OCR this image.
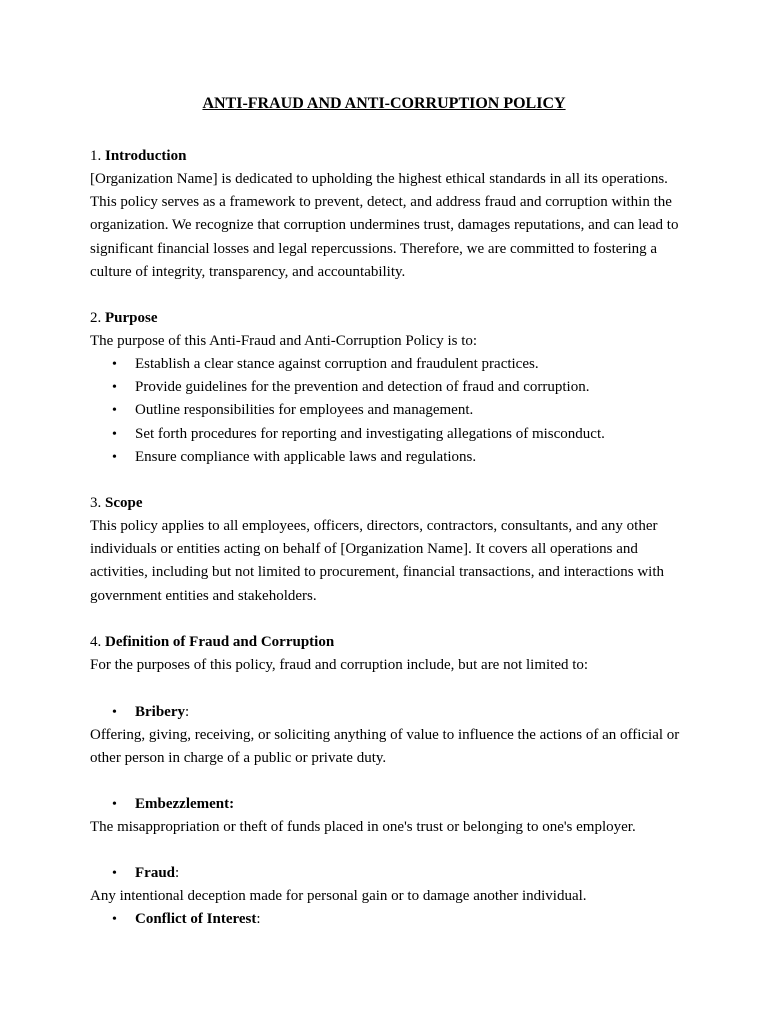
ANTI-FRAUD AND ANTI-CORRUPTION POLICY
1. Introduction
[Organization Name] is dedicated to upholding the highest ethical standards in all its operations. This policy serves as a framework to prevent, detect, and address fraud and corruption within the organization. We recognize that corruption undermines trust, damages reputations, and can lead to significant financial losses and legal repercussions. Therefore, we are committed to fostering a culture of integrity, transparency, and accountability.
2. Purpose
The purpose of this Anti-Fraud and Anti-Corruption Policy is to:
• Establish a clear stance against corruption and fraudulent practices.
• Provide guidelines for the prevention and detection of fraud and corruption.
• Outline responsibilities for employees and management.
• Set forth procedures for reporting and investigating allegations of misconduct.
• Ensure compliance with applicable laws and regulations.
3. Scope
This policy applies to all employees, officers, directors, contractors, consultants, and any other individuals or entities acting on behalf of [Organization Name]. It covers all operations and activities, including but not limited to procurement, financial transactions, and interactions with government entities and stakeholders.
4. Definition of Fraud and Corruption
For the purposes of this policy, fraud and corruption include, but are not limited to:
• Bribery:
Offering, giving, receiving, or soliciting anything of value to influence the actions of an official or other person in charge of a public or private duty.
• Embezzlement:
The misappropriation or theft of funds placed in one's trust or belonging to one's employer.
• Fraud:
Any intentional deception made for personal gain or to damage another individual.
• Conflict of Interest:
